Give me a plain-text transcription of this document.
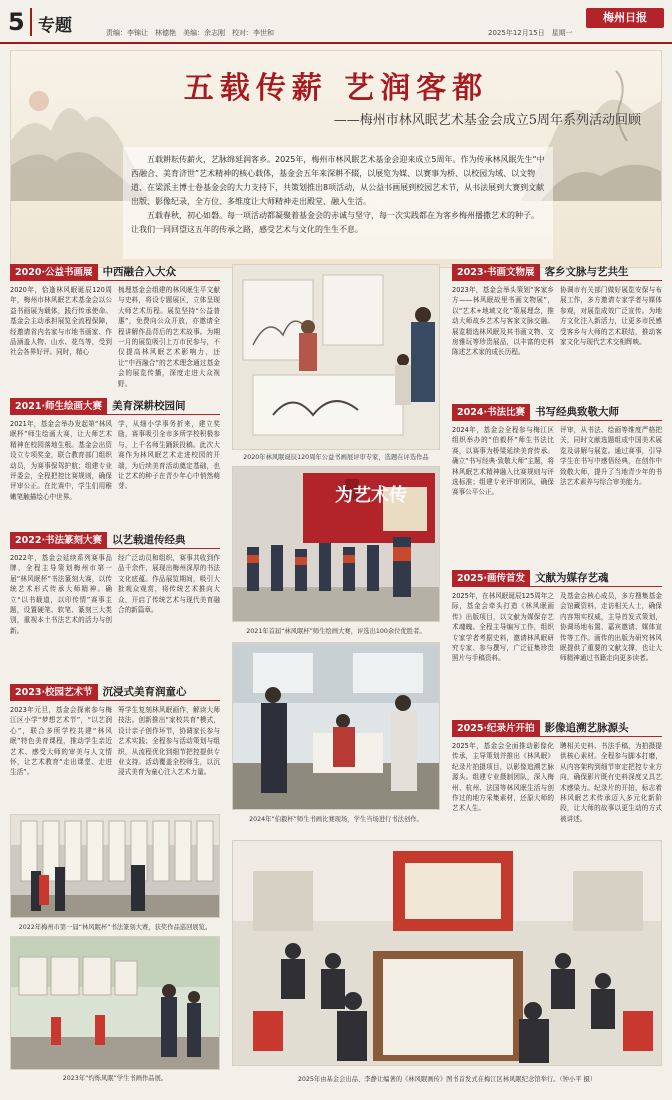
5 专题	责编：李锦让　林德艳　美编：余志刚　校对：李世和	2025年12月15日　星期一
梅州日报
五载传薪 艺润客都
——梅州市林风眠艺术基金会成立5周年系列活动回顾

五载耕耘传薪火，艺脉绵延润客乡。2025年，梅州市林风眠艺术基金会迎来成立5周年。作为传承林风眠先生“中西融合、美育济世”艺术精神的核心载体，基金会五年来深耕不辍，以展览为媒、以赛事为桥、以校园为域、以文物道、在梁派主博士卷基金会的大力支持下，共策划推出8项活动，从公益书画展到校园艺术节，从书法展到大赛到文献出版、影像纪录，全方位、多维度让大师精神走出殿堂、融入生活。

五载春秋，初心如磐。每一项活动都凝聚着基金会的赤诚与坚守，每一次实践都在为客乡梅州播撒艺术的种子。让我们一同回望这五年的传承之路，感受艺术与文化的生生不息。

2020·公益书画展 中西融合入大众
2020年，恰逢林风眠诞辰120周年，梅州市林风眠艺术基金会以公益书画展为载体，践行传承使命。基金会主动承担展览全流程保障，经邀请省内名家与市地书画家、作品涵盖人物、山水、花鸟等，受到社会各界好评。同时，精心
梳理基金会组建的林风眠生平文献与史料，将设专题展区，立体呈现大师艺术历程。展览坚持“公益普惠”，免费向公众开放，亦邀请全程讲解作品背后的艺术故事。为期一月的展览吸引上万市民参与，不仅提高林风眠艺术影响力，还让“中西融合”的艺术理念通过基金会的展览传播，深度走进大众视野。
2021·师生绘画大赛 美育深耕校园间
2021年，基金会举办发起第“林风眠杯”师生绘画大赛，让大师艺术精神在校园落地生根。基金会出资设立专项奖金，联合教育部门组织动员，为赛事保驾护航；组建专业评委会，全程把控比赛规则，确保评审公正。在比赛中，学生们用稚嫩笔触描绘心中世界。
学，从细小学事务折来，建立奖励，赛事吸引全市多所学校积极参与，上千名师生踊跃投稿。此次大赛作为林风眠艺术走进校园的开端，为后续美育活动奠定基础，也让艺术的种子在青少年心中悄然萌芽。
2022·书法篆刻大赛 以艺载道传经典
2022年，基金会延续系列赛事品牌，全程主导策划梅州市第一届“林风眠杯”书法篆刻大赛，以传统艺术形式传承大师精神。确立“以书载道，以印传情”赛事主题，设置硬笔、软笔、篆刻三大类别，重视本土书法艺术的活力与创新。
经广泛动员和组织，赛事共收到作品千余件，展现出梅州深厚的书法文化底蕴。作品展览期间，吸引大批观众观赏，将传统艺术推向大众，开启了传统艺术与现代美育融合的新篇章。
2023·校园艺术节 沉浸式美育润童心
2023年元旦，基金会探索参与梅江区小学“梦想艺术节”，“以艺润心”，联合多所学校共建“林风眠”特色美育课程，推动学生亲近艺术、感受大师的审美与人文情怀，让艺术教育“走出课堂、走进生活”。
筹学生复刻林风眠画作，解读大师技法。创新推出“家校共育”模式，设计亲子创作环节，协调家长参与艺术实践；全程参与活动策划与组织，从流程优化到细节把控提供专业支持。活动覆盖全校师生，以沉浸式美育为童心注入艺术力量。
2023·书画文物展 客乡文脉与艺共生
2023年，基金会举头策划“客家乡方——林风眠故里书画文物展”，以“艺术+地域文化”策展理念，推动大师故乡艺术与客家文脉交融。展览精选林风眠及其书画文物、文房雅玩等珍贵展品，以丰富的史料陈述艺术家的成长历程。
协调市有关部门做好展览安保与布展工作，多方邀请专家学者与媒体参观，对展览成效广泛宣传。为地方文化注入新活力，让更多市民感受客乡与大师的艺术联结，推动客家文化与现代艺术交相辉映。
2024·书法比赛 书写经典致敬大师
2024年，基金会全程参与梅江区组织举办的“伯毅杯”师生书法比赛，以赛事为桥梁延续美育传承。确立“书写经典·致敬大师”主题，将林风眠艺术精神融入比赛规则与评选标准；组建专业评审团队，确保赛事公平公正。
评审，从书法、绘画等维度严格把关，同时文献选题组成中国美术展览及讲解与展览。通过赛事，引导学生在书写中感悟经典，在创作中致敬大师，提升了当地青少年的书法艺术素养与综合审美能力。
2025·画传首发 文献为媒存艺魂
2025年，在林风眠诞辰125周年之际，基金会牵头打造《林风眠画传》出版项目，以文献为媒保存艺术魂魄。全程主导编写工作，组织专家学者考据史料，邀请林风眠研究专家、参与撰写，广泛征集珍贵照片与手稿资料。
及基金会核心成员，多方搜集基金会馆藏资料，走访相关人士，确保内容翔实权威，主导首发式策划，协调场地布置、嘉宾邀请、媒体宣传等工作。画传的出版为研究林风眠提供了重要的文献支撑，也让大师精神通过书籍走向更多读者。
2025·纪录片开拍 影像追溯艺脉源头
2025年，基金会全面推动影像化传承，主导策划并推出《林风眠》纪录片拍摄项目，以影像追溯艺脉源头。组建专业摄制团队，深入梅州、杭州、法国等林风眠生活与创作过的地方采集素材，还原大师的艺术人生。
聘相关史料、书法手稿，为拍摄提供核心素材。全程参与脚本打磨，从内容架构到细节审定把控专业方向，确保影片既有史料深度又具艺术感染力。纪录片的开拍，标志着林风眠艺术传承迈入多元化新阶段，让大师的故事以更生动的方式被讲述。
2020年林风眠诞辰120周年公益书画展评审专家，选题在评选作品
为艺术传
2021年首届“林风眠杯”师生绘画大赛，评选出100余位优胜者。
2024年“伯毅杯”师生书画比赛现场，学生当场进行书法创作。
2022年梅州市第一届“林风眠杯”书法篆刻大赛，获奖作品巡回展览。
2023年“灼烁风眠”学生书画作品展。	2025年由基金会出品、李静让编著的《林风眠画传》图书首发式在梅江区林风眠纪念馆举行。（钟小平 摄）
